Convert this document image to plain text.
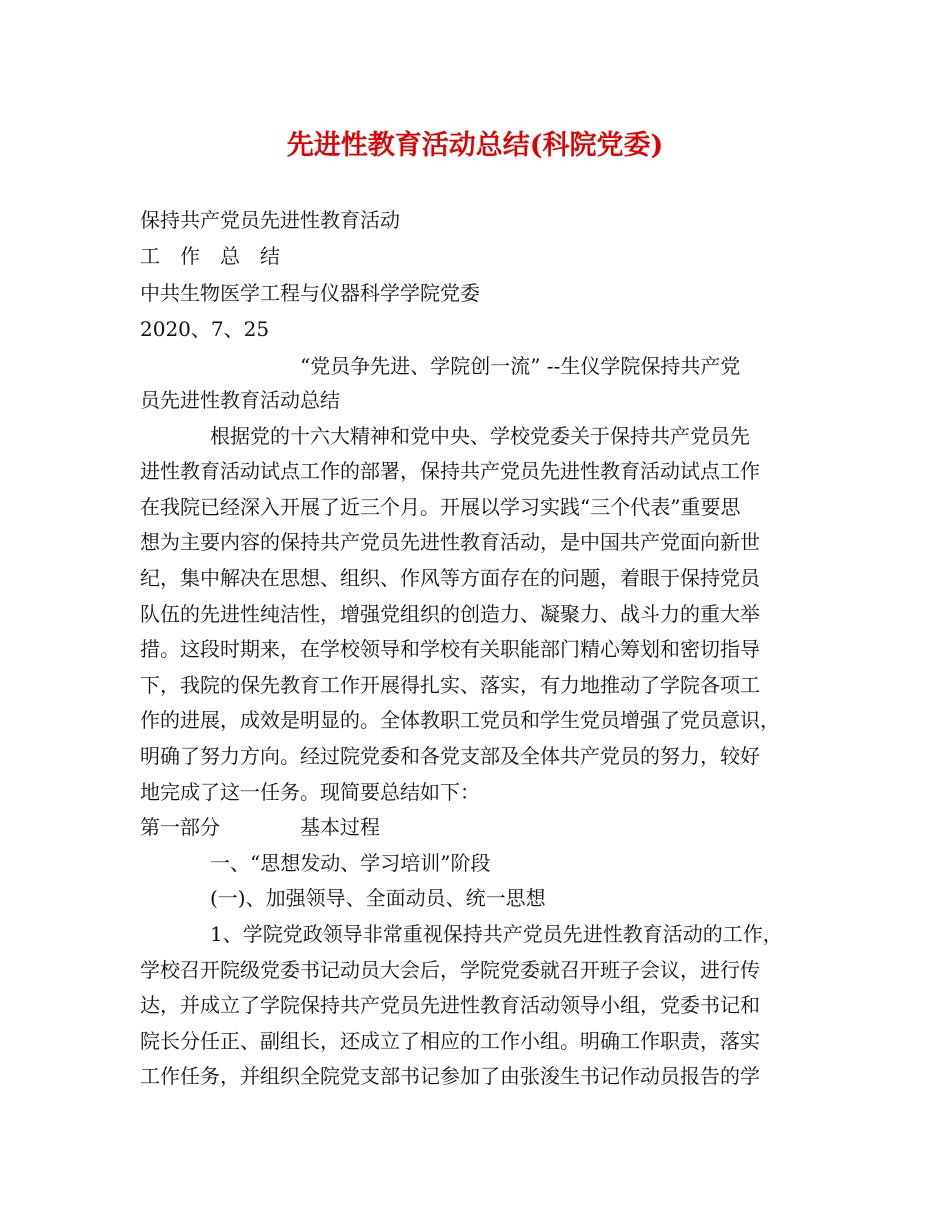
先进性教育活动总结(科院党委)
保持共产党员先进性教育活动
工　作　总　结
中共生物医学工程与仪器科学学院党委
2020、7、25
“党员争先进、学院创一流” --生仪学院保持共产党
员先进性教育活动总结
根据党的十六大精神和党中央、学校党委关于保持共产党员先
进性教育活动试点工作的部署，保持共产党员先进性教育活动试点工作
在我院已经深入开展了近三个月。开展以学习实践“三个代表”重要思
想为主要内容的保持共产党员先进性教育活动，是中国共产党面向新世
纪，集中解决在思想、组织、作风等方面存在的问题，着眼于保持党员
队伍的先进性纯洁性，增强党组织的创造力、凝聚力、战斗力的重大举
措。这段时期来，在学校领导和学校有关职能部门精心筹划和密切指导
下，我院的保先教育工作开展得扎实、落实，有力地推动了学院各项工
作的进展，成效是明显的。全体教职工党员和学生党员增强了党员意识，
明确了努力方向。经过院党委和各党支部及全体共产党员的努力，较好
地完成了这一任务。现简要总结如下：
第一部分　　　　基本过程
一、“思想发动、学习培训”阶段
(一)、加强领导、全面动员、统一思想
1、学院党政领导非常重视保持共产党员先进性教育活动的工作，
学校召开院级党委书记动员大会后，学院党委就召开班子会议，进行传
达，并成立了学院保持共产党员先进性教育活动领导小组，党委书记和
院长分任正、副组长，还成立了相应的工作小组。明确工作职责，落实
工作任务，并组织全院党支部书记参加了由张浚生书记作动员报告的学
